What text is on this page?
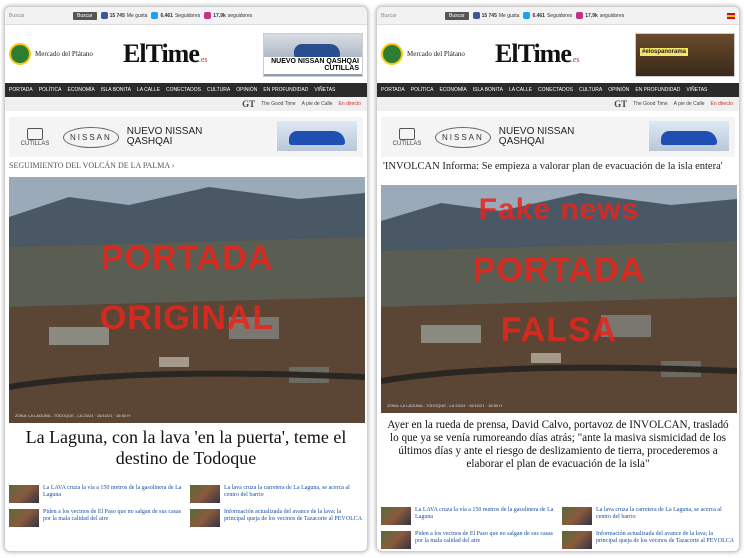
Buscar	Buscar	15 745 Me gusta	6.461 Seguidores	17,9k seguidores
Mercado del Plátano ElTime.es	NUEVO NISSAN QASHQAI
CUTILLAS
PORTADA POLÍTICA ECONOMÍA ISLA BONITA LA CALLE CONECTADOS CULTURA OPINIÓN EN PROFUNDIDAD VIÑETAS
GT The Good Time A pie de Calle En directo
CUTILLAS
NISSAN	NUEVO NISSAN
QASHQAI
SEGUIMIENTO DEL VOLCÁN DE LA PALMA ›
PORTADA
ORIGINAL
ZONA: LA LAGUNA - TODOQUE - LA 23/24 · 16/10/21 · 16:50 H
La Laguna, con la lava 'en la puerta', teme el destino de Todoque
La LAVA cruza la vía a 150 metros de la gasolinera de La Laguna
La lava cruza la carretera de La Laguna, se acerca al centro del barrio
Piden a los vecinos de El Paso que no salgan de sus casas por la mala calidad del aire
Información actualizada del avance de la lava; la principal queja de los vecinos de Tazacorte al PEVOLCA
Buscar	Buscar	15 745 Me gusta	6.461 Seguidores	17,9k seguidores
Mercado del Plátano ElTime.es
#elospanorama
PORTADA POLÍTICA ECONOMÍA ISLA BONITA LA CALLE CONECTADOS CULTURA OPINIÓN EN PROFUNDIDAD VIÑETAS
GT The Good Time A pie de Calle En directo
CUTILLAS
NISSAN	NUEVO NISSAN
QASHQAI
'INVOLCAN Informa: Se empieza a valorar plan de evacuación de la isla entera'
Fake news
PORTADA
FALSA
ZONA: LA LAGUNA - TODOQUE - LA 23/24 · 16/10/21 · 16:50 H
Ayer en la rueda de prensa, David Calvo, portavoz de INVOLCAN, trasladó lo que ya se venía rumoreando días atrás; "ante la masiva sismicidad de los últimos días y ante el riesgo de deslizamiento de tierra, procederemos a elaborar el plan de evacuación de la isla"
La LAVA cruza la vía a 150 metros de la gasolinera de La Laguna
La lava cruza la carretera de La Laguna, se acerca al centro del barrio
Piden a los vecinos de El Paso que no salgan de sus casas por la mala calidad del aire
Información actualizada del avance de la lava; la principal queja de los vecinos de Tazacorte al PEVOLCA
